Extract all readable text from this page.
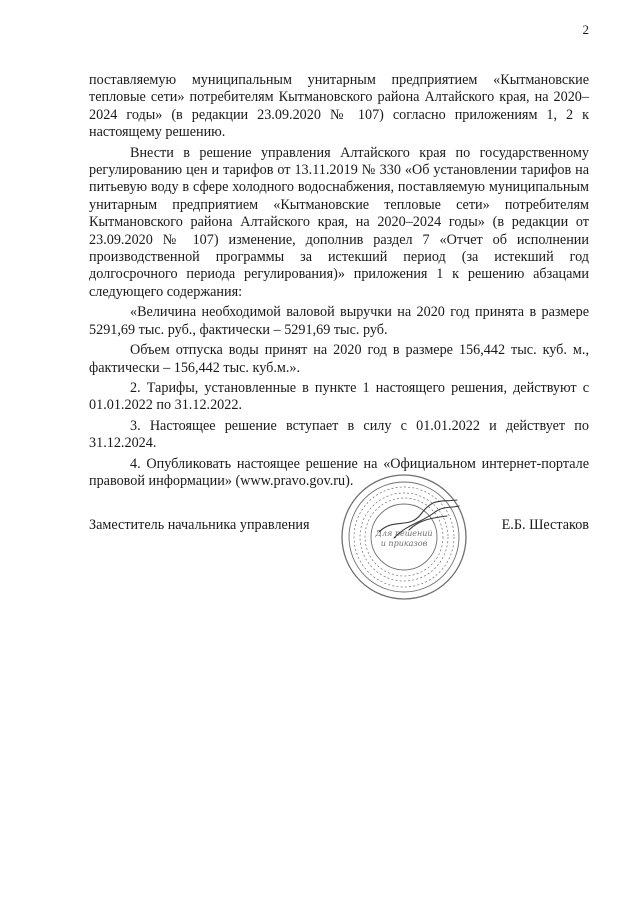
2

поставляемую муниципальным унитарным предприятием «Кытмановские тепловые сети» потребителям Кытмановского района Алтайского края, на 2020–2024 годы» (в редакции 23.09.2020 № 107) согласно приложениям 1, 2 к настоящему решению.

Внести в решение управления Алтайского края по государственному регулированию цен и тарифов от 13.11.2019 № 330 «Об установлении тарифов на питьевую воду в сфере холодного водоснабжения, поставляемую муниципальным унитарным предприятием «Кытмановские тепловые сети» потребителям Кытмановского района Алтайского края, на 2020–2024 годы» (в редакции от 23.09.2020 № 107) изменение, дополнив раздел 7 «Отчет об исполнении производственной программы за истекший период (за истекший год долгосрочного периода регулирования)» приложения 1 к решению абзацами следующего содержания:

«Величина необходимой валовой выручки на 2020 год принята в размере 5291,69 тыс. руб., фактически – 5291,69 тыс. руб.

Объем отпуска воды принят на 2020 год в размере 156,442 тыс. куб. м., фактически – 156,442 тыс. куб.м.».

2. Тарифы, установленные в пункте 1 настоящего решения, действуют с 01.01.2022 по 31.12.2022.

3. Настоящее решение вступает в силу с 01.01.2022 и действует по 31.12.2024.

4. Опубликовать настоящее решение на «Официальном интернет-портале правовой информации» (www.pravo.gov.ru).

Заместитель начальника управления
Для решений
и приказов
Е.Б. Шестаков
